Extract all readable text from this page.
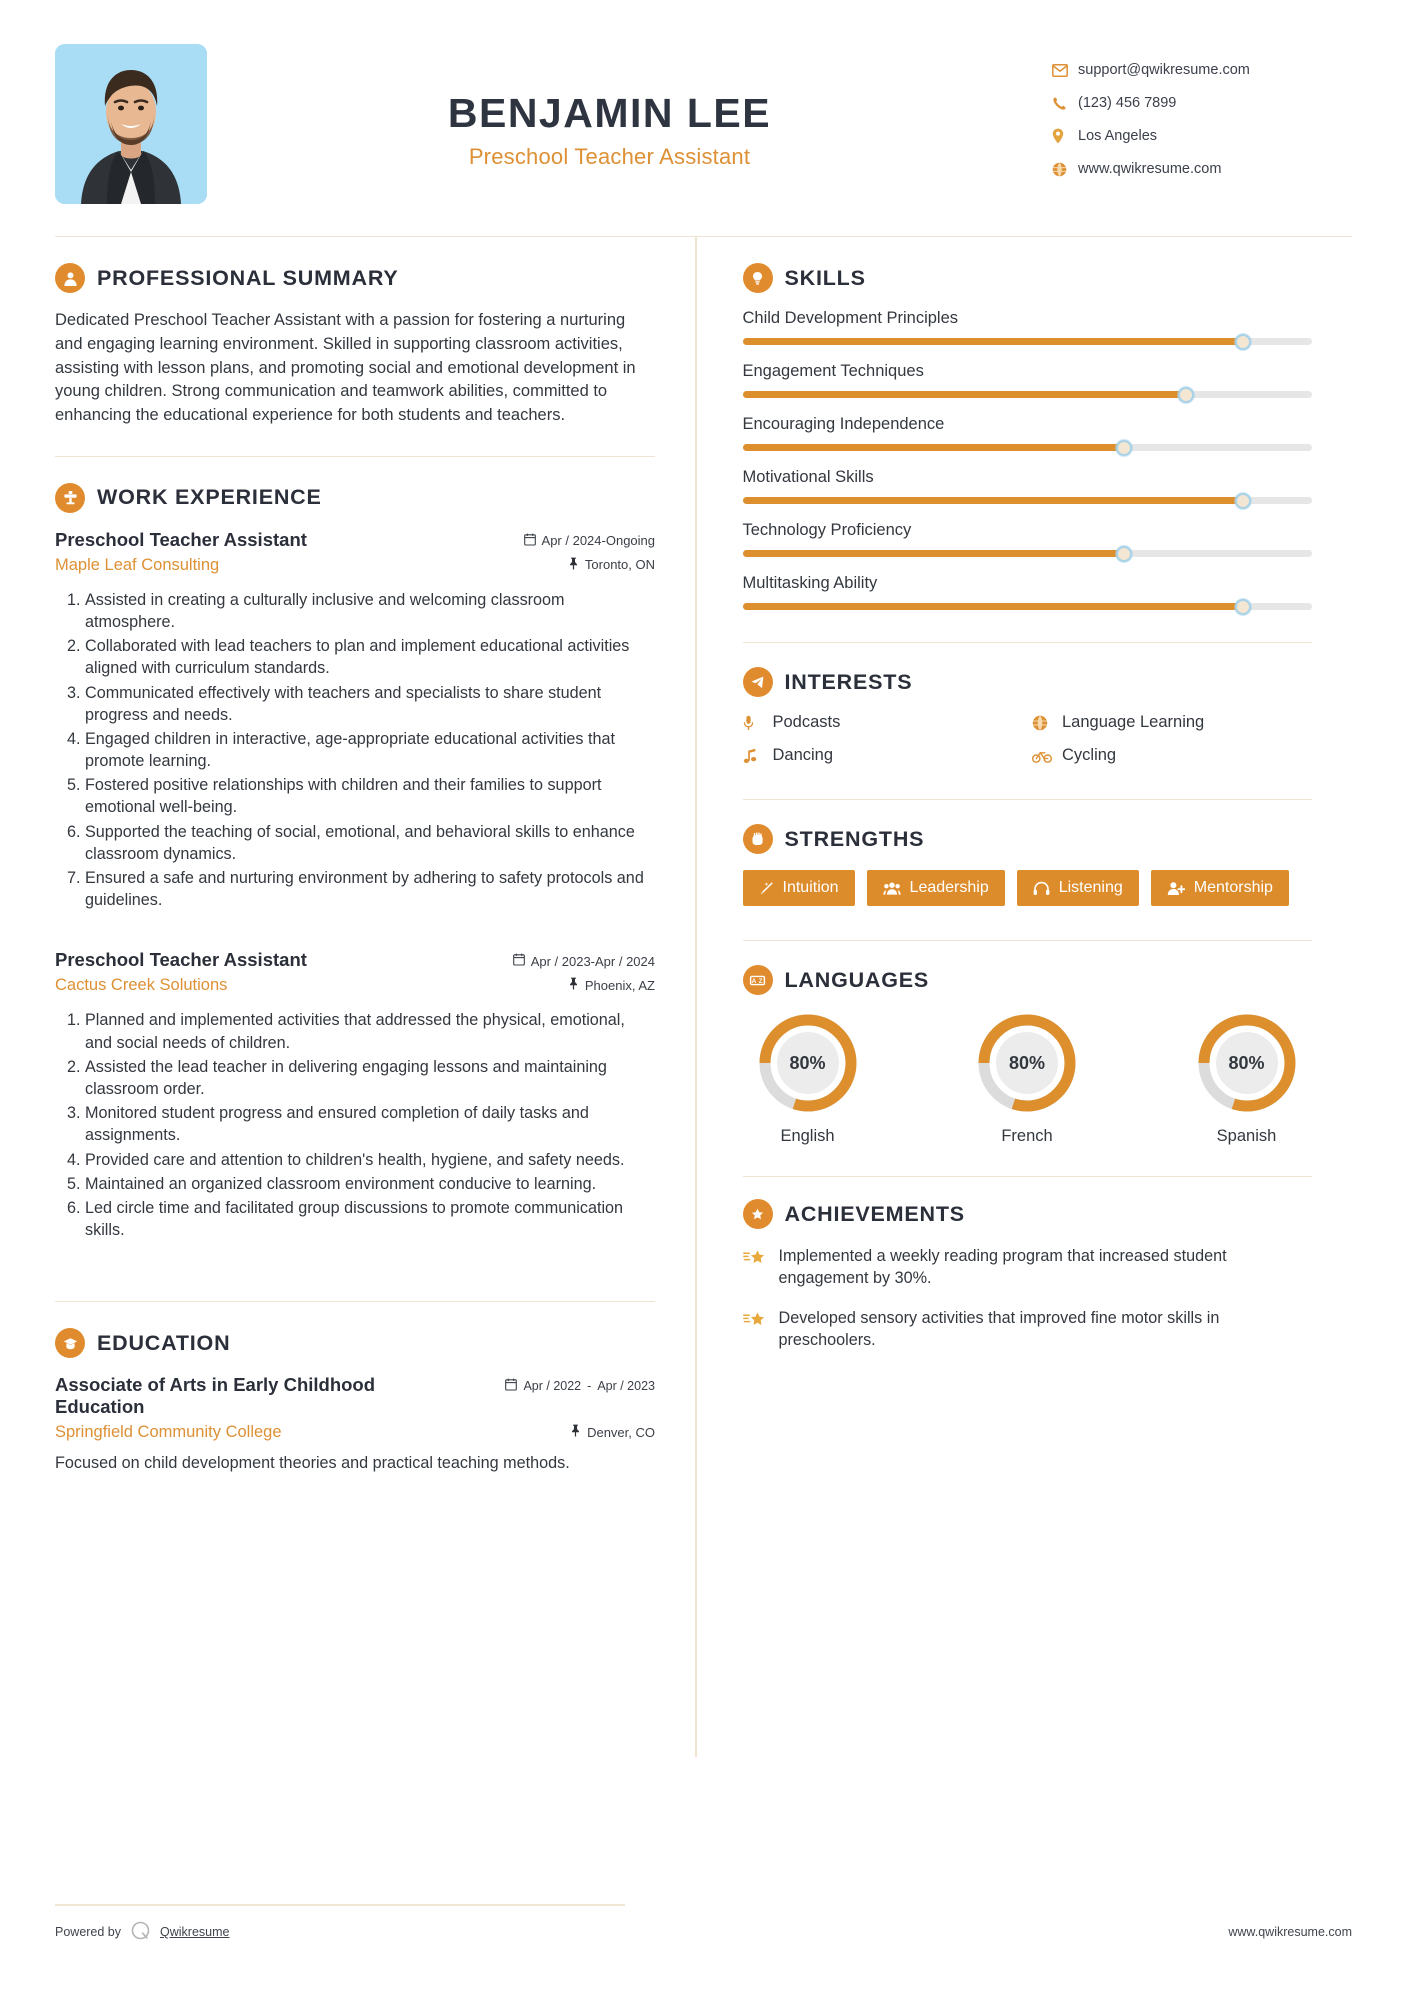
BENJAMIN LEE
Preschool Teacher Assistant
support@qwikresume.com
(123) 456 7899
Los Angeles
www.qwikresume.com
PROFESSIONAL SUMMARY

Dedicated Preschool Teacher Assistant with a passion for fostering a nurturing and engaging learning environment. Skilled in supporting classroom activities, assisting with lesson plans, and promoting social and emotional development in young children. Strong communication and teamwork abilities, committed to enhancing the educational experience for both students and teachers.

WORK EXPERIENCE
Preschool Teacher Assistant	Apr / 2024-Ongoing
Maple Leaf Consulting	Toronto, ON
1. Assisted in creating a culturally inclusive and welcoming classroom atmosphere.
2. Collaborated with lead teachers to plan and implement educational activities aligned with curriculum standards.
3. Communicated effectively with teachers and specialists to share student progress and needs.
4. Engaged children in interactive, age-appropriate educational activities that promote learning.
5. Fostered positive relationships with children and their families to support emotional well-being.
6. Supported the teaching of social, emotional, and behavioral skills to enhance classroom dynamics.
7. Ensured a safe and nurturing environment by adhering to safety protocols and guidelines.
Preschool Teacher Assistant	Apr / 2023-Apr / 2024
Cactus Creek Solutions	Phoenix, AZ
1. Planned and implemented activities that addressed the physical, emotional, and social needs of children.
2. Assisted the lead teacher in delivering engaging lessons and maintaining classroom order.
3. Monitored student progress and ensured completion of daily tasks and assignments.
4. Provided care and attention to children's health, hygiene, and safety needs.
5. Maintained an organized classroom environment conducive to learning.
6. Led circle time and facilitated group discussions to promote communication skills.
EDUCATION
Associate of Arts in Early Childhood Education
Apr / 2022 - Apr / 2023
Springfield Community College	Denver, CO

Focused on child development theories and practical teaching methods.

SKILLS
Child Development Principles
Engagement Techniques
Encouraging Independence
Motivational Skills
Technology Proficiency
Multitasking Ability
INTERESTS
Podcasts	Language Learning
Dancing	Cycling
STRENGTHS
Intuition	Leadership	Listening	Mentorship
A Z LANGUAGES
80%
English
80%
French
80%
Spanish
ACHIEVEMENTS
Implemented a weekly reading program that increased student engagement by 30%.
Developed sensory activities that improved fine motor skills in preschoolers.
Powered by	Qwikresume	www.qwikresume.com
